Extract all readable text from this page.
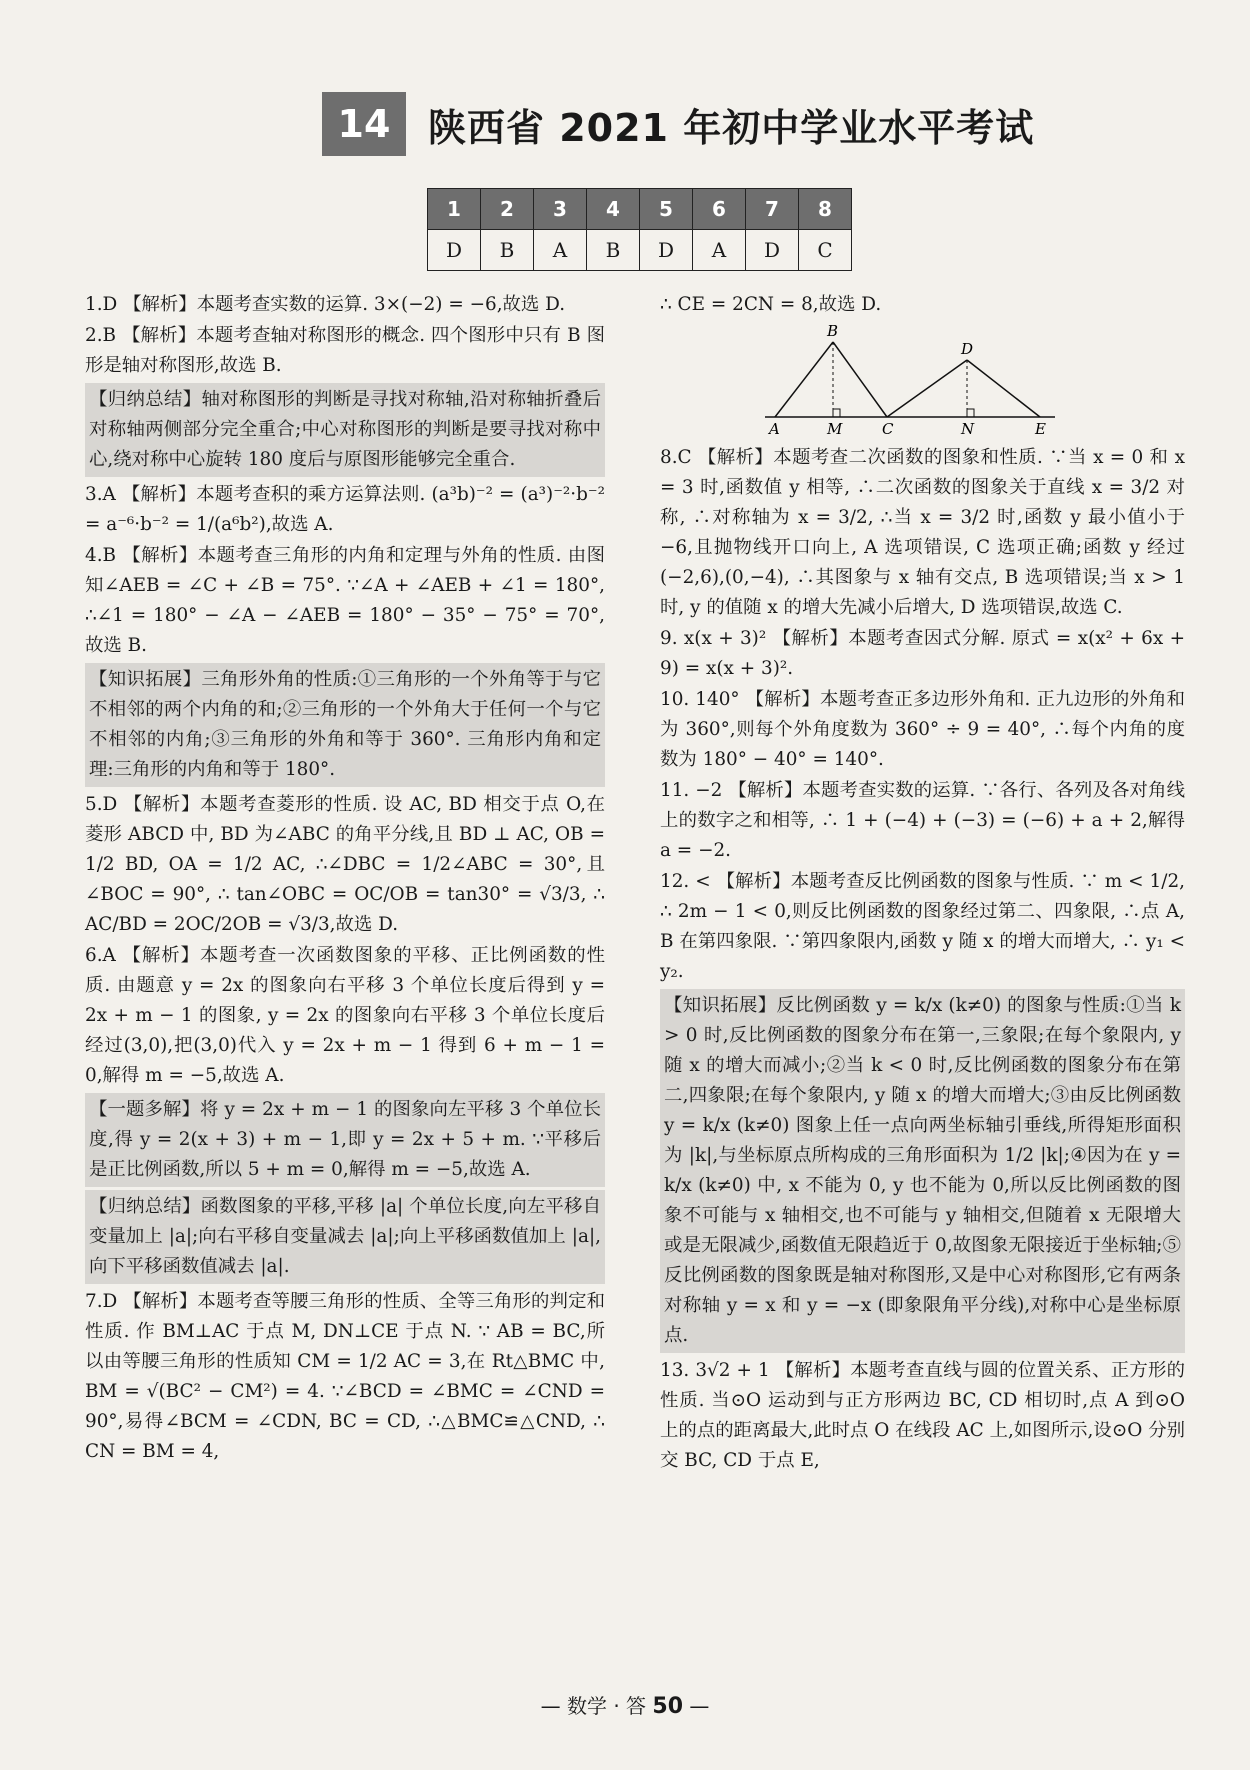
14 陕西省 2021 年初中学业水平考试
1	2	3	4	5	6	7	8
D	B	A	B	D	A	D	C

1.D 【解析】本题考查实数的运算. 3×(−2) = −6,故选 D.

2.B 【解析】本题考查轴对称图形的概念. 四个图形中只有 B 图形是轴对称图形,故选 B.

【归纳总结】轴对称图形的判断是寻找对称轴,沿对称轴折叠后对称轴两侧部分完全重合;中心对称图形的判断是要寻找对称中心,绕对称中心旋转 180 度后与原图形能够完全重合.

3.A 【解析】本题考查积的乘方运算法则. (a³b)⁻² = (a³)⁻²·b⁻² = a⁻⁶·b⁻² = 1/(a⁶b²),故选 A.

4.B 【解析】本题考查三角形的内角和定理与外角的性质. 由图知∠AEB = ∠C + ∠B = 75°. ∵∠A + ∠AEB + ∠1 = 180°, ∴∠1 = 180° − ∠A − ∠AEB = 180° − 35° − 75° = 70°,故选 B.

【知识拓展】三角形外角的性质:①三角形的一个外角等于与它不相邻的两个内角的和;②三角形的一个外角大于任何一个与它不相邻的内角;③三角形的外角和等于 360°. 三角形内角和定理:三角形的内角和等于 180°.

5.D 【解析】本题考查菱形的性质. 设 AC, BD 相交于点 O,在菱形 ABCD 中, BD 为∠ABC 的角平分线,且 BD ⊥ AC, OB = 1/2 BD, OA = 1/2 AC, ∴∠DBC = 1/2∠ABC = 30°,且∠BOC = 90°, ∴ tan∠OBC = OC/OB = tan30° = √3/3, ∴ AC/BD = 2OC/2OB = √3/3,故选 D.

6.A 【解析】本题考查一次函数图象的平移、正比例函数的性质. 由题意 y = 2x 的图象向右平移 3 个单位长度后得到 y = 2x + m − 1 的图象, y = 2x 的图象向右平移 3 个单位长度后经过(3,0),把(3,0)代入 y = 2x + m − 1 得到 6 + m − 1 = 0,解得 m = −5,故选 A.

【一题多解】将 y = 2x + m − 1 的图象向左平移 3 个单位长度,得 y = 2(x + 3) + m − 1,即 y = 2x + 5 + m. ∵平移后是正比例函数,所以 5 + m = 0,解得 m = −5,故选 A.

【归纳总结】函数图象的平移,平移 |a| 个单位长度,向左平移自变量加上 |a|;向右平移自变量减去 |a|;向上平移函数值加上 |a|,向下平移函数值减去 |a|.

7.D 【解析】本题考查等腰三角形的性质、全等三角形的判定和性质. 作 BM⊥AC 于点 M, DN⊥CE 于点 N. ∵ AB = BC,所以由等腰三角形的性质知 CM = 1/2 AC = 3,在 Rt△BMC 中, BM = √(BC² − CM²) = 4. ∵∠BCD = ∠BMC = ∠CND = 90°,易得∠BCM = ∠CDN, BC = CD, ∴△BMC≌△CND, ∴ CN = BM = 4,

∴ CE = 2CN = 8,故选 D.

B
D
A	M	C	N	E

8.C 【解析】本题考查二次函数的图象和性质. ∵当 x = 0 和 x = 3 时,函数值 y 相等, ∴二次函数的图象关于直线 x = 3/2 对称, ∴对称轴为 x = 3/2, ∴当 x = 3/2 时,函数 y 最小值小于 −6,且抛物线开口向上, A 选项错误, C 选项正确;函数 y 经过(−2,6),(0,−4), ∴其图象与 x 轴有交点, B 选项错误;当 x > 1 时, y 的值随 x 的增大先减小后增大, D 选项错误,故选 C.

9. x(x + 3)² 【解析】本题考查因式分解. 原式 = x(x² + 6x + 9) = x(x + 3)².

10. 140° 【解析】本题考查正多边形外角和. 正九边形的外角和为 360°,则每个外角度数为 360° ÷ 9 = 40°, ∴每个内角的度数为 180° − 40° = 140°.

11. −2 【解析】本题考查实数的运算. ∵各行、各列及各对角线上的数字之和相等, ∴ 1 + (−4) + (−3) = (−6) + a + 2,解得 a = −2.

12. < 【解析】本题考查反比例函数的图象与性质. ∵ m < 1/2, ∴ 2m − 1 < 0,则反比例函数的图象经过第二、四象限, ∴点 A, B 在第四象限. ∵第四象限内,函数 y 随 x 的增大而增大, ∴ y₁ < y₂.

【知识拓展】反比例函数 y = k/x (k≠0) 的图象与性质:①当 k > 0 时,反比例函数的图象分布在第一,三象限;在每个象限内, y 随 x 的增大而减小;②当 k < 0 时,反比例函数的图象分布在第二,四象限;在每个象限内, y 随 x 的增大而增大;③由反比例函数 y = k/x (k≠0) 图象上任一点向两坐标轴引垂线,所得矩形面积为 |k|,与坐标原点所构成的三角形面积为 1/2 |k|;④因为在 y = k/x (k≠0) 中, x 不能为 0, y 也不能为 0,所以反比例函数的图象不可能与 x 轴相交,也不可能与 y 轴相交,但随着 x 无限增大或是无限减少,函数值无限趋近于 0,故图象无限接近于坐标轴;⑤反比例函数的图象既是轴对称图形,又是中心对称图形,它有两条对称轴 y = x 和 y = −x (即象限角平分线),对称中心是坐标原点.

13. 3√2 + 1 【解析】本题考查直线与圆的位置关系、正方形的性质. 当⊙O 运动到与正方形两边 BC, CD 相切时,点 A 到⊙O 上的点的距离最大,此时点 O 在线段 AC 上,如图所示,设⊙O 分别交 BC, CD 于点 E,

— 数学 · 答 50 —
